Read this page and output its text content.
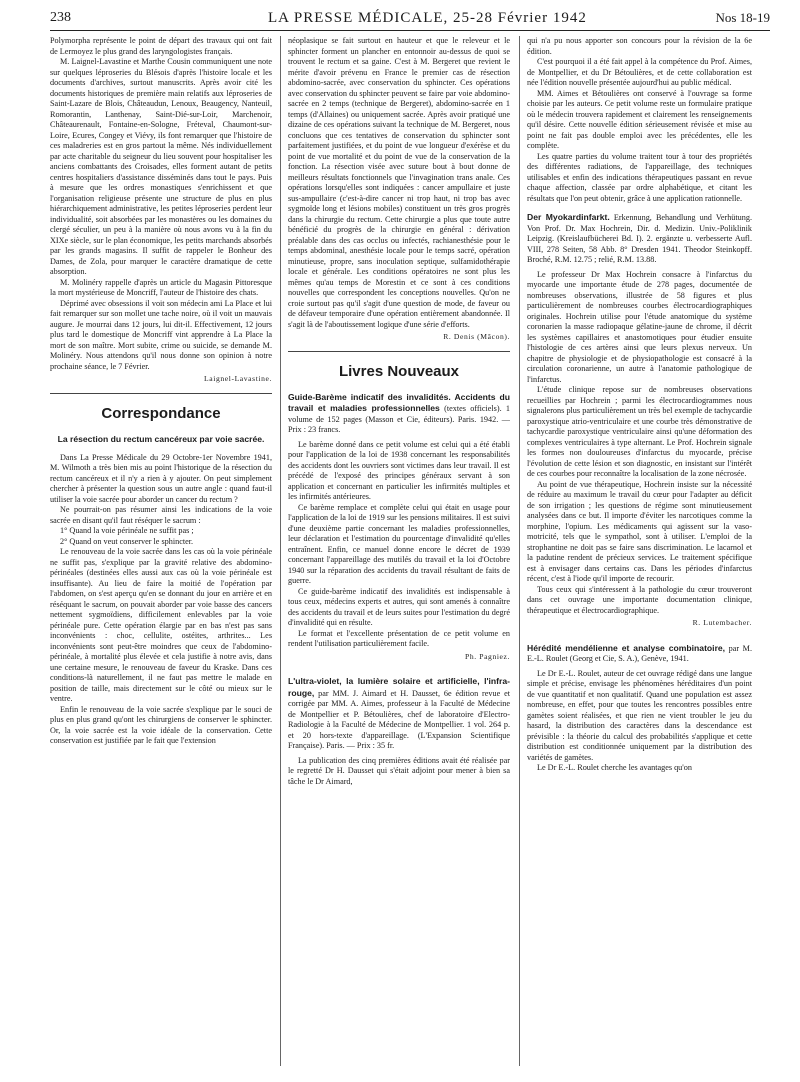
238	LA PRESSE MÉDICALE, 25-28 Février 1942	Nos 18-19

Polymorpha représente le point de départ des travaux qui ont fait de Lermoyez le plus grand des laryngologistes français.

M. Laignel-Lavastine et Marthe Cousin communiquent une note sur quelques léproseries du Blésois d'après l'histoire locale et les documents d'archives, surtout manuscrits. Après avoir cité les documents historiques de première main relatifs aux léproseries de Saint-Lazare de Blois, Châteaudun, Lenoux, Beaugency, Nanteuil, Romorantin, Lanthenay, Saint-Dié-sur-Loir, Marchenoir, Châteaurenault, Fontaine-en-Sologne, Fréteval, Chaumont-sur-Loire, Ecures, Congey et Viévy, ils font remarquer que l'histoire de ces maladreries est en gros partout la même. Nés individuellement par acte charitable du seigneur du lieu souvent pour hospitaliser les anciens combattants des Croisades, elles forment autant de petits centres hospitaliers d'assistance disséminés dans tout le pays. Puis à mesure que les ordres monastiques s'enrichissent et que l'organisation religieuse présente une structure de plus en plus hiérarchiquement administrative, les petites léproseries perdent leur individualité, soit absorbées par les monastères ou les domaines du clergé séculier, un peu à la manière où nous avons vu à la fin du XIXe siècle, sur le plan économique, les petits marchands absorbés par les grands magasins. Il suffit de rappeler le Bonheur des Dames, de Zola, pour marquer le caractère dramatique de cette absorption.

M. Molinéry rappelle d'après un article du Magasin Pittoresque la mort mystérieuse de Moncriff, l'auteur de l'histoire des chats.

Déprimé avec obsessions il voit son médecin ami La Place et lui fait remarquer sur son mollet une tache noire, où il voit un mauvais augure. Je mourrai dans 12 jours, lui dit-il. Effectivement, 12 jours plus tard le domestique de Moncriff vint apprendre à La Place la mort de son maître. Mort subite, crime ou suicide, se demande M. Molinéry. Nous attendons qu'il nous donne son opinion à notre prochaine séance, le 7 Février.

Laignel-Lavastine.
Correspondance
La résection du rectum cancéreux par voie sacrée.

Dans La Presse Médicale du 29 Octobre-1er Novembre 1941, M. Wilmoth a très bien mis au point l'historique de la résection du rectum cancéreux et il n'y a rien à y ajouter. On peut simplement chercher à présenter la question sous un autre angle : quand faut-il utiliser la voie sacrée pour aborder un cancer du rectum ?

Ne pourrait-on pas résumer ainsi les indications de la voie sacrée en disant qu'il faut réséquer le sacrum :

1° Quand la voie périnéale ne suffit pas ;

2° Quand on veut conserver le sphincter.

Le renouveau de la voie sacrée dans les cas où la voie périnéale ne suffit pas, s'explique par la gravité relative des abdomino-périnéales (destinées elles aussi aux cas où la voie périnéale est insuffisante). Au lieu de faire la moitié de l'opération par l'abdomen, on s'est aperçu qu'en se donnant du jour en arrière et en réséquant le sacrum, on pouvait aborder par voie basse des cancers nettement sygmoïdiens, difficilement enlevables par la voie périnéale pure. Cette opération élargie par en bas n'est pas sans inconvénients : choc, cellulite, ostéites, arthrites... Les inconvénients sont peut-être moindres que ceux de l'abdomino-périnéale, à mortalité plus élevée et cela justifie à notre avis, dans une certaine mesure, le renouveau de faveur du Kraske. Dans ces conditions-là naturellement, il ne faut pas mettre le malade en position de taille, mais directement sur le côté ou mieux sur le ventre.

Enfin le renouveau de la voie sacrée s'explique par le souci de plus en plus grand qu'ont les chirurgiens de conserver le sphincter. Or, la voie sacrée est la voie idéale de la conservation. Cette conservation est justifiée par le fait que l'extension

néoplasique se fait surtout en hauteur et que le releveur et le sphincter forment un plancher en entonnoir au-dessus de quoi se trouvent le rectum et sa gaine. C'est à M. Bergeret que revient le mérite d'avoir prévenu en France le premier cas de résection abdomino-sacrée, avec conservation du sphincter. Ces opérations avec conservation du sphincter peuvent se faire par voie abdomino-sacrée en 2 temps (technique de Bergeret), abdomino-sacrée en 1 temps (d'Allaines) ou uniquement sacrée. Après avoir pratiqué une dizaine de ces opérations suivant la technique de M. Bergeret, nous concluons que ces tentatives de conservation du sphincter sont parfaitement justifiées, et du point de vue longueur d'exérèse et du point de vue mortalité et du point de vue de la conservation de la fonction. La résection visée avec suture bout à bout donne de meilleurs résultats fonctionnels que l'invagination trans anale. Ces opérations lorsqu'elles sont indiquées : cancer ampullaire et juste sus-ampullaire (c'est-à-dire cancer ni trop haut, ni trop bas avec sygmoïde long et lésions mobiles) constituent un très gros progrès dans la chirurgie du rectum. Cette chirurgie a plus que toute autre bénéficié du progrès de la chirurgie en général : dérivation préalable dans des cas occlus ou infectés, rachianesthésie pour le temps abdominal, anesthésie locale pour le temps sacré, opération minutieuse, propre, sans inoculation septique, sulfamidothérapie locale et générale. Les conditions opératoires ne sont plus les mêmes qu'au temps de Morestin et ce sont à ces conditions nouvelles que correspondent les conceptions nouvelles. Qu'on ne croie surtout pas qu'il s'agit d'une question de mode, de faveur ou de défaveur temporaire d'une opération entièrement abandonnée. Il s'agit là de l'aboutissement logique d'une série d'efforts.

R. Denis (Mâcon).
Livres Nouveaux

Guide-Barème indicatif des invalidités. Accidents du travail et maladies professionnelles (textes officiels). 1 volume de 152 pages (Masson et Cie, éditeurs). Paris. 1942. — Prix : 23 francs.

Le barème donné dans ce petit volume est celui qui a été établi pour l'application de la loi de 1938 concernant les responsabilités des accidents dont les ouvriers sont victimes dans leur travail. Il est précédé de l'exposé des principes généraux servant à son application et concernant en particulier les infirmités multiples et les infirmités antérieures.

Ce barème remplace et complète celui qui était en usage pour l'application de la loi de 1919 sur les pensions militaires. Il est suivi d'une deuxième partie concernant les maladies professionnelles, leur déclaration et l'estimation du pourcentage d'invalidité qu'elles entraînent. Enfin, ce manuel donne encore le décret de 1939 concernant l'appareillage des mutilés du travail et la loi d'Octobre 1940 sur la réparation des accidents du travail résultant de faits de guerre.

Ce guide-barème indicatif des invalidités est indispensable à tous ceux, médecins experts et autres, qui sont amenés à connaître des accidents du travail et de leurs suites pour l'estimation du degré d'invalidité qui en résulte.

Le format et l'excellente présentation de ce petit volume en rendent l'utilisation particulièrement facile.

Ph. Pagniez.

L'ultra-violet, la lumière solaire et artificielle, l'infra-rouge, par MM. J. Aimard et H. Dausset, 6e édition revue et corrigée par MM. A. Aimes, professeur à la Faculté de Médecine de Montpellier et P. Bétoulières, chef de laboratoire d'Electro-Radiologie à la Faculté de Médecine de Montpellier. 1 vol. 264 p. et 20 hors-texte d'appareillage. (L'Expansion Scientifique Française). Paris. — Prix : 35 fr.

La publication des cinq premières éditions avait été réalisée par le regretté Dr H. Dausset qui s'était adjoint pour mener à bien sa tâche le Dr Aimard,

qui n'a pu nous apporter son concours pour la révision de la 6e édition.

C'est pourquoi il a été fait appel à la compétence du Prof. Aimes, de Montpellier, et du Dr Bétoulières, et de cette collaboration est née l'édition nouvelle présentée aujourd'hui au public médical.

MM. Aimes et Bétoulières ont conservé à l'ouvrage sa forme choisie par les auteurs. Ce petit volume reste un formulaire pratique où le médecin trouvera rapidement et clairement les renseignements qu'il désire. Cette nouvelle édition sérieusement révisée et mise au point ne fait pas double emploi avec les précédentes, elle les complète.

Les quatre parties du volume traitent tour à tour des propriétés des différentes radiations, de l'appareillage, des techniques utilisables et enfin des indications thérapeutiques passant en revue chaque affection, classée par ordre alphabétique, et citant les résultats que l'on peut obtenir, grâce à une application rationnelle.

Der Myokardinfarkt. Erkennung, Behandlung und Verhütung. Von Prof. Dr. Max Hochrein, Dir. d. Medizin. Univ.-Poliklinik Leipzig. (Kreislaufbücherei Bd. I). 2. ergänzte u. verbesserte Aufl. VIII, 278 Seiten, 58 Abb. 8° Dresden 1941. Theodor Steinkopff. Broché, R.M. 12.75 ; relié, R.M. 13.88.

Le professeur Dr Max Hochrein consacre à l'infarctus du myocarde une importante étude de 278 pages, documentée de nombreuses observations, illustrée de 58 figures et plus particulièrement de nombreuses courbes électrocardiographiques originales. Hochrein utilise pour l'étude anatomique du système coronarien la masse radiopaque gélatine-jaune de chrome, il décrit les systèmes capillaires et anastomotiques pour étudier ensuite l'histologie de ces artères ainsi que leurs plexus nerveux. Un chapitre de physiologie et de physiopathologie est consacré à la circulation coronarienne, un autre à l'anatomie pathologique de l'infarctus.

L'étude clinique repose sur de nombreuses observations recueillies par Hochrein ; parmi les électrocardiogrammes nous signalerons plus particulièrement un très bel exemple de tachycardie paroxystique atrio-ventriculaire et une courbe très démonstrative de tachycardie paroxystique ventriculaire ainsi qu'une déformation des complexes ventriculaires à type alternant. Le Prof. Hochrein signale les formes non douloureuses d'infarctus du myocarde, précise l'évolution de cette lésion et son diagnostic, en insistant sur l'intérêt de ces courbes pour reconnaître la localisation de la zone nécrosée.

Au point de vue thérapeutique, Hochrein insiste sur la nécessité de réduire au maximum le travail du cœur pour l'adapter au déficit de son irrigation ; les questions de régime sont minutieusement analysées dans ce but. Il importe d'éviter les narcotiques comme la morphine, l'opium. Les médicaments qui agissent sur la vaso-motricité, tels que le sympathol, sont à utiliser. L'emploi de la strophantine ne doit pas se faire sans discrimination. Le lacarnol et la padutine rendent de précieux services. Le traitement spécifique est à envisager dans certains cas. Dans les périodes d'infarctus récent, c'est à l'iode qu'il importe de recourir.

Tous ceux qui s'intéressent à la pathologie du cœur trouveront dans cet ouvrage une importante documentation clinique, thérapeutique et électrocardiographique.

R. Lutembacher.

Hérédité mendélienne et analyse combinatoire, par M. E.-L. Roulet (Georg et Cie, S. A.), Genève, 1941.

Le Dr E.-L. Roulet, auteur de cet ouvrage rédigé dans une langue simple et précise, envisage les phénomènes héréditaires d'un point de vue quantitatif et non qualitatif. Quand une population est assez nombreuse, en effet, pour que toutes les rencontres possibles entre gamètes soient réalisées, et que rien ne vient troubler le jeu du hasard, la distribution des caractères dans la descendance est prévisible : la théorie du calcul des probabilités s'applique et cette distribution est conditionnée uniquement par la distribution des variétés de gamètes.

Le Dr E.-L. Roulet cherche les avantages qu'on
